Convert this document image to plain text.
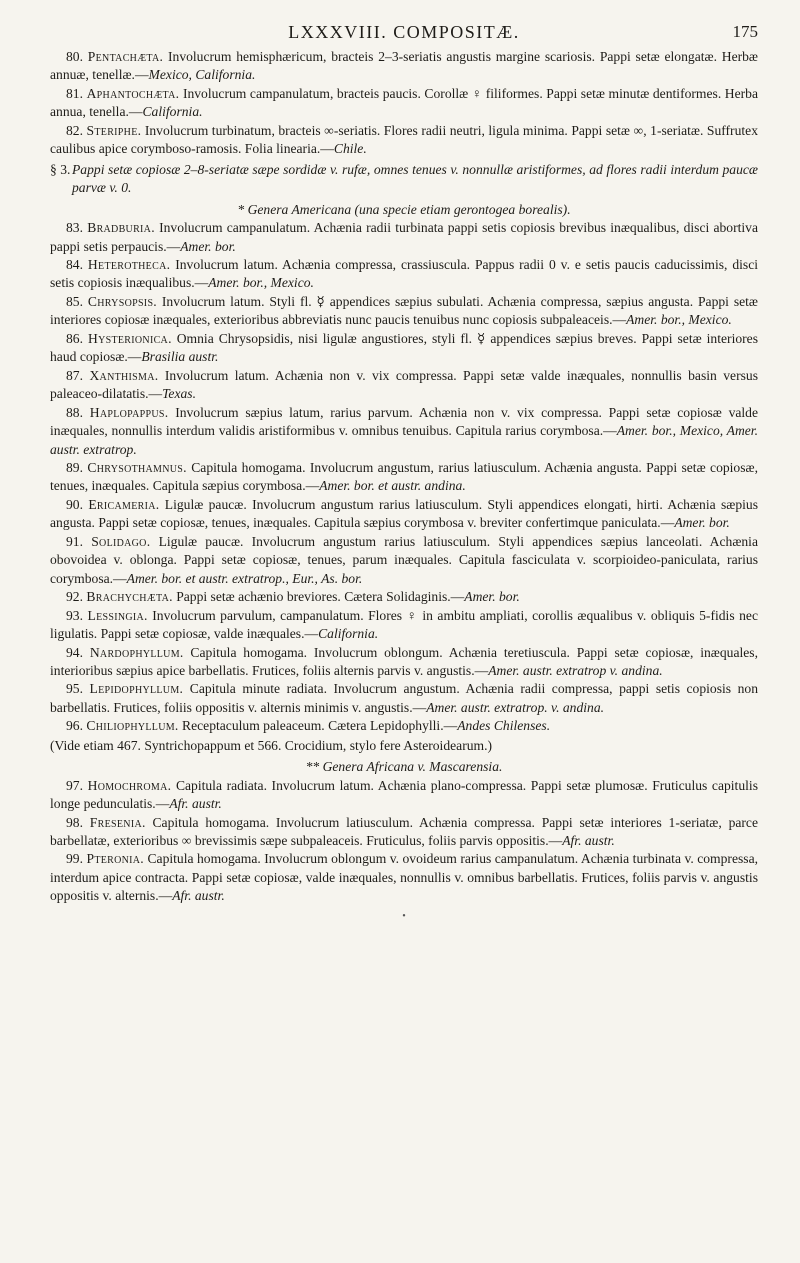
LXXXVIII. COMPOSITÆ.	175

80. Pentachæta. Involucrum hemisphæricum, bracteis 2–3-seriatis angustis margine scariosis. Pappi setæ elongatæ. Herbæ annuæ, tenellæ.—Mexico, California.

81. Aphantochæta. Involucrum campanulatum, bracteis paucis. Corollæ ♀ filiformes. Pappi setæ minutæ dentiformes. Herba annua, tenella.—California.

82. Steriphe. Involucrum turbinatum, bracteis ∞-seriatis. Flores radii neutri, ligula minima. Pappi setæ ∞, 1-seriatæ. Suffrutex caulibus apice corymboso-ramosis. Folia linearia.—Chile.

§ 3. Pappi setæ copiosæ 2–8-seriatæ sæpe sordidæ v. rufæ, omnes tenues v. nonnullæ aristiformes, ad flores radii interdum paucæ parvæ v. 0.

* Genera Americana (una specie etiam gerontogea borealis).

83. Bradburia. Involucrum campanulatum. Achænia radii turbinata pappi setis copiosis brevibus inæqualibus, disci abortiva pappi setis perpaucis.—Amer. bor.

84. Heterotheca. Involucrum latum. Achænia compressa, crassiuscula. Pappus radii 0 v. e setis paucis caducissimis, disci setis copiosis inæqualibus.—Amer. bor., Mexico.

85. Chrysopsis. Involucrum latum. Styli fl. ☿ appendices sæpius subulati. Achænia compressa, sæpius angusta. Pappi setæ interiores copiosæ inæquales, exterioribus abbreviatis nunc paucis tenuibus nunc copiosis subpaleaceis.—Amer. bor., Mexico.

86. Hysterionica. Omnia Chrysopsidis, nisi ligulæ angustiores, styli fl. ☿ appendices sæpius breves. Pappi setæ interiores haud copiosæ.—Brasilia austr.

87. Xanthisma. Involucrum latum. Achænia non v. vix compressa. Pappi setæ valde inæquales, nonnullis basin versus paleaceo-dilatatis.—Texas.

88. Haplopappus. Involucrum sæpius latum, rarius parvum. Achænia non v. vix compressa. Pappi setæ copiosæ valde inæquales, nonnullis interdum validis aristiformibus v. omnibus tenuibus. Capitula rarius corymbosa.—Amer. bor., Mexico, Amer. austr. extratrop.

89. Chrysothamnus. Capitula homogama. Involucrum angustum, rarius latiusculum. Achænia angusta. Pappi setæ copiosæ, tenues, inæquales. Capitula sæpius corymbosa.—Amer. bor. et austr. andina.

90. Ericameria. Ligulæ paucæ. Involucrum angustum rarius latiusculum. Styli appendices elongati, hirti. Achænia sæpius angusta. Pappi setæ copiosæ, tenues, inæquales. Capitula sæpius corymbosa v. breviter confertimque paniculata.—Amer. bor.

91. Solidago. Ligulæ paucæ. Involucrum angustum rarius latiusculum. Styli appendices sæpius lanceolati. Achænia obovoidea v. oblonga. Pappi setæ copiosæ, tenues, parum inæquales. Capitula fasciculata v. scorpioideo-paniculata, rarius corymbosa.—Amer. bor. et austr. extratrop., Eur., As. bor.

92. Brachychæta. Pappi setæ achænio breviores. Cætera Solidaginis.—Amer. bor.

93. Lessingia. Involucrum parvulum, campanulatum. Flores ♀ in ambitu ampliati, corollis æqualibus v. obliquis 5-fidis nec ligulatis. Pappi setæ copiosæ, valde inæquales.—California.

94. Nardophyllum. Capitula homogama. Involucrum oblongum. Achænia teretiuscula. Pappi setæ copiosæ, inæquales, interioribus sæpius apice barbellatis. Frutices, foliis alternis parvis v. angustis.—Amer. austr. extratrop v. andina.

95. Lepidophyllum. Capitula minute radiata. Involucrum angustum. Achænia radii compressa, pappi setis copiosis non barbellatis. Frutices, foliis oppositis v. alternis minimis v. angustis.—Amer. austr. extratrop. v. andina.

96. Chiliophyllum. Receptaculum paleaceum. Cætera Lepidophylli.—Andes Chilenses.

(Vide etiam 467. Syntrichopappum et 566. Crocidium, stylo fere Asteroidearum.)

** Genera Africana v. Mascarensia.

97. Homochroma. Capitula radiata. Involucrum latum. Achænia plano-compressa. Pappi setæ plumosæ. Fruticulus capitulis longe pedunculatis.—Afr. austr.

98. Fresenia. Capitula homogama. Involucrum latiusculum. Achænia compressa. Pappi setæ interiores 1-seriatæ, parce barbellatæ, exterioribus ∞ brevissimis sæpe subpaleaceis. Fruticulus, foliis parvis oppositis.—Afr. austr.

99. Pteronia. Capitula homogama. Involucrum oblongum v. ovoideum rarius campanulatum. Achænia turbinata v. compressa, interdum apice contracta. Pappi setæ copiosæ, valde inæquales, nonnullis v. omnibus barbellatis. Frutices, foliis parvis v. angustis oppositis v. alternis.—Afr. austr.

•
